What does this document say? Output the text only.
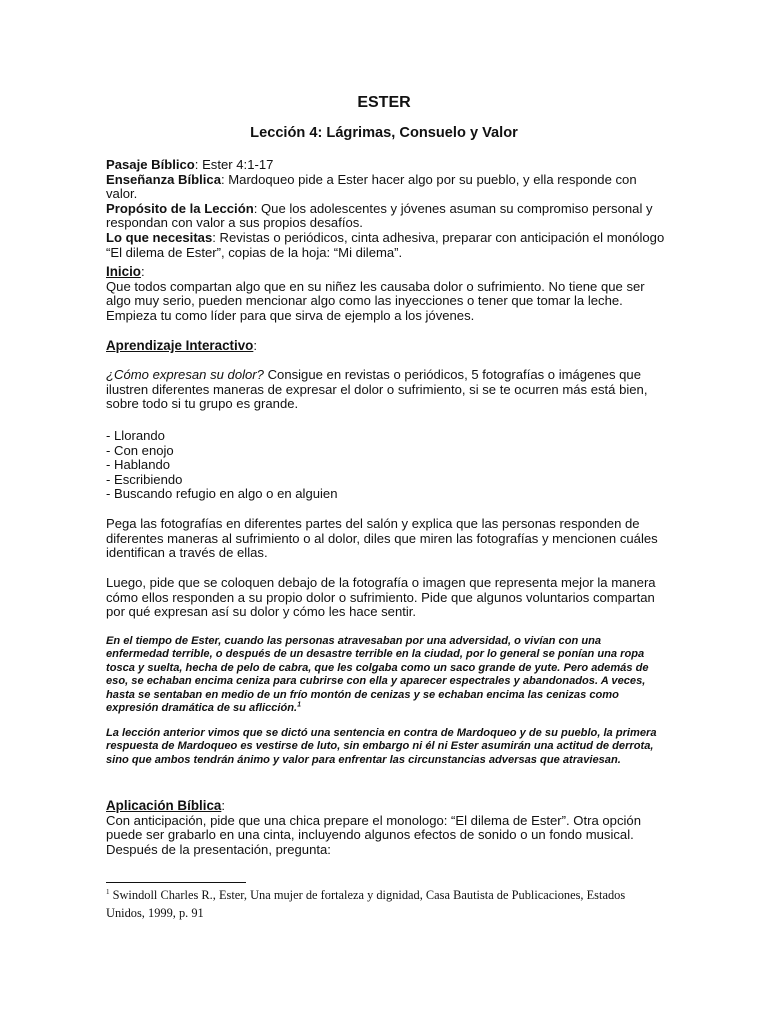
ESTER
Lección 4: Lágrimas, Consuelo y Valor

Pasaje Bíblico: Ester 4:1-17

Enseñanza Bíblica: Mardoqueo pide a Ester hacer algo por su pueblo, y ella responde con valor.

Propósito de la Lección: Que los adolescentes y jóvenes asuman su compromiso personal y respondan con valor a sus propios desafíos.

Lo que necesitas: Revistas o periódicos, cinta adhesiva, preparar con anticipación el monólogo “El dilema de Ester”, copias de la hoja: “Mi dilema”.

Inicio:

Que todos compartan algo que en su niñez les causaba dolor o sufrimiento. No tiene que ser algo muy serio, pueden mencionar algo como las inyecciones o tener que tomar la leche. Empieza tu como líder para que sirva de ejemplo a los jóvenes.

Aprendizaje Interactivo:

¿Cómo expresan su dolor? Consigue en revistas o periódicos, 5 fotografías o imágenes que ilustren diferentes maneras de expresar el dolor o sufrimiento, si se te ocurren más está bien, sobre todo si tu grupo es grande.

- Llorando
- Con enojo
- Hablando
- Escribiendo
- Buscando refugio en algo o en alguien

Pega las fotografías en diferentes partes del salón y explica que las personas responden de diferentes maneras al sufrimiento o al dolor, diles que miren las fotografías y mencionen cuáles identifican a través de ellas.

Luego, pide que se coloquen debajo de la fotografía o imagen que representa mejor la manera cómo ellos responden a su propio dolor o sufrimiento. Pide que algunos voluntarios compartan por qué expresan así su dolor y cómo les hace sentir.

En el tiempo de Ester, cuando las personas atravesaban por una adversidad, o vivían con una enfermedad terrible, o después de un desastre terrible en la ciudad, por lo general se ponían una ropa tosca y suelta, hecha de pelo de cabra, que les colgaba como un saco grande de yute. Pero además de eso, se echaban encima ceniza para cubrirse con ella y aparecer espectrales y abandonados. A veces, hasta se sentaban en medio de un frío montón de cenizas y se echaban encima las cenizas como expresión dramática de su aflicción.$^1$

La lección anterior vimos que se dictó una sentencia en contra de Mardoqueo y de su pueblo, la primera respuesta de Mardoqueo es vestirse de luto, sin embargo ni él ni Ester asumirán una actitud de derrota, sino que ambos tendrán ánimo y valor para enfrentar las circunstancias adversas que atraviesan.

Aplicación Bíblica:

Con anticipación, pide que una chica prepare el monologo: “El dilema de Ester”. Otra opción puede ser grabarlo en una cinta, incluyendo algunos efectos de sonido o un fondo musical. Después de la presentación, pregunta:

$^1$ Swindoll Charles R., Ester, Una mujer de fortaleza y dignidad, Casa Bautista de Publicaciones, Estados Unidos, 1999, p. 91
